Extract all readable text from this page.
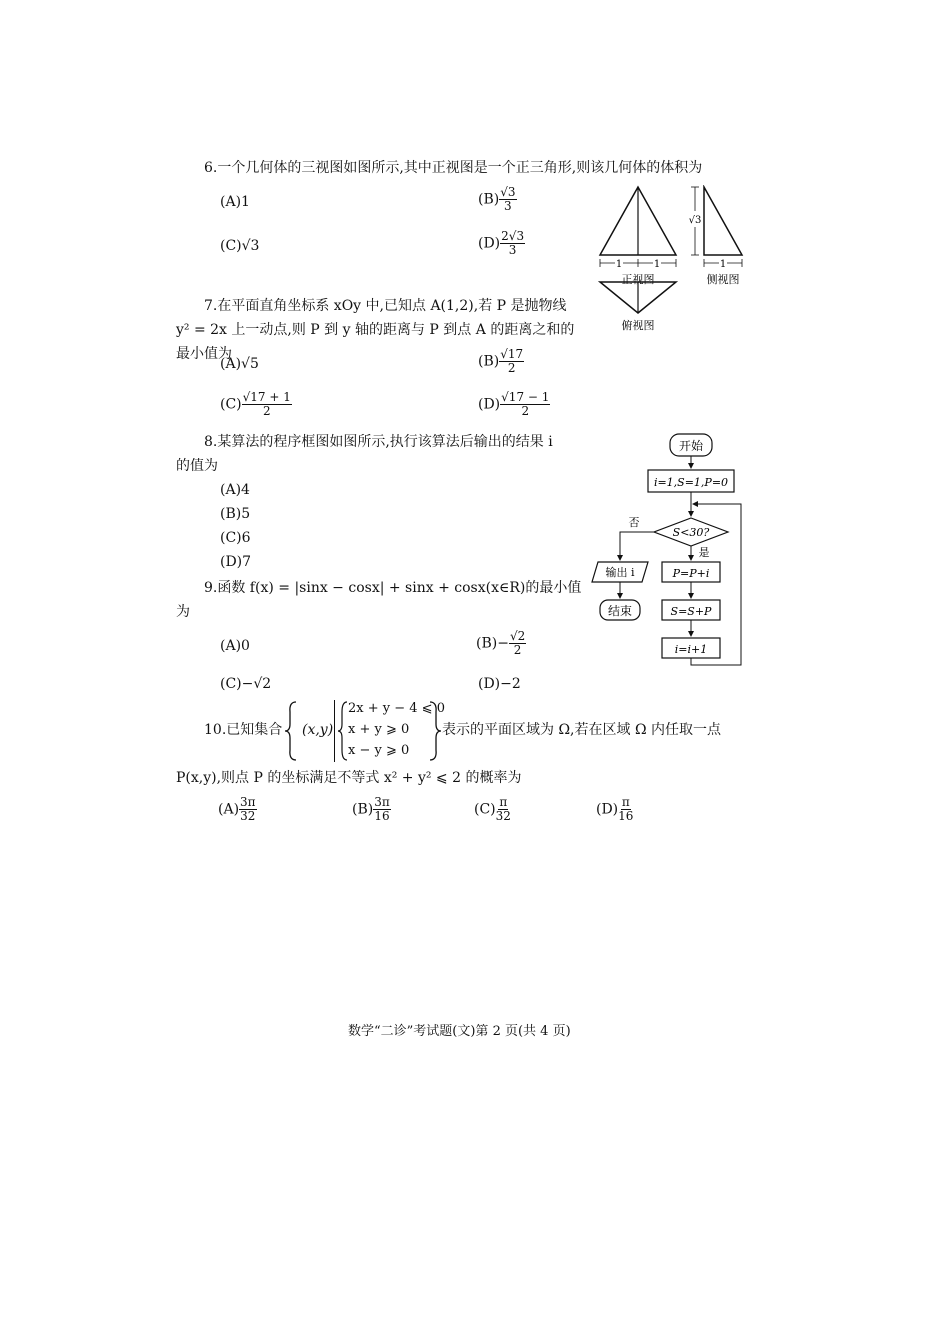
6.一个几何体的三视图如图所示,其中正视图是一个正三角形,则该几何体的体积为
(A)1	$(B) \frac{√3}{3}$
(C)√3	$(D) \frac{2√3}{3}$
1	1
正视图
√3
1
侧视图
俯视图
7.在平面直角坐标系 xOy 中,已知点 A(1,2),若 P 是抛物线
y² = 2x 上一动点,则 P 到 y 轴的距离与 P 到点 A 的距离之和的
最小值为
(A)√5	$(B) \frac{√17}{2}$
$(C) \frac{√17 + 1}{2}$	$(D) \frac{√17 - 1}{2}$
8.某算法的程序框图如图所示,执行该算法后输出的结果 i
的值为
(A)4
(B)5
(C)6
(D)7
开始
i=1,S=1,P=0
S<30?
否
输出 i
结束
是
P=P+i
S=S+P
i=i+1
9.函数 f(x) = |sinx − cosx| + sinx + cosx(x∈R)的最小值
为
(A)0	$(B)- \frac{√2}{2}$
(C)−√2	(D)−2
10.已知集合 (x,y)
2x + y − 4 ⩽ 0
x + y ⩾ 0
x − y ⩾ 0
表示的平面区域为 Ω,若在区域 Ω 内任取一点
P(x,y),则点 P 的坐标满足不等式 x² + y² ⩽ 2 的概率为
$(A) \frac{3\pi}{32}$	$(B) \frac{3\pi}{16}$	$(C) \frac{\pi}{32}$	$(D) \frac{\pi}{16}$
数学“二诊”考试题(文)第 2 页(共 4 页)
